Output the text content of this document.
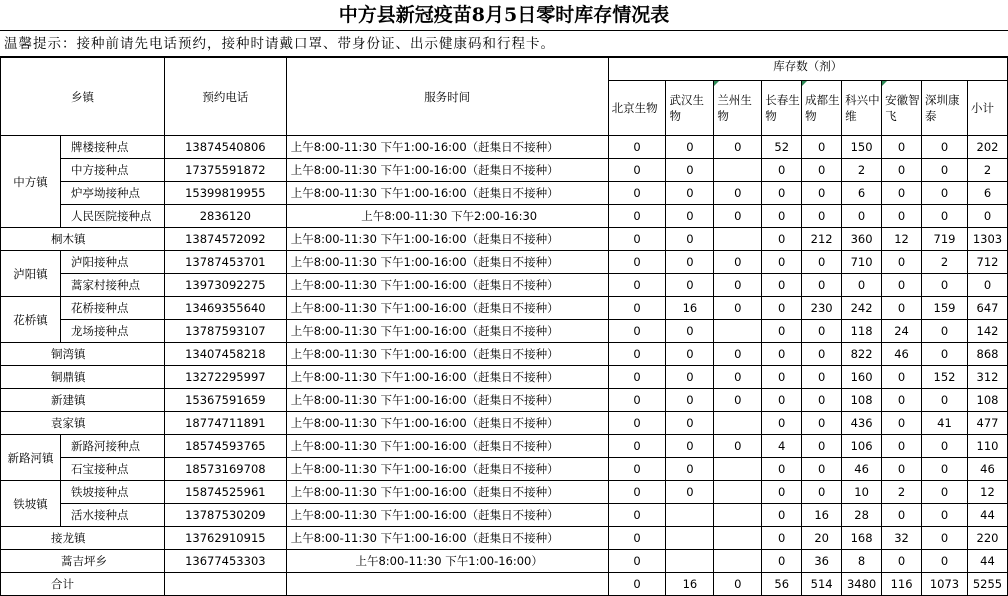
中方县新冠疫苗8月5日零时库存情况表
温馨提示：接种前请先电话预约，接种时请戴口罩、带身份证、出示健康码和行程卡。
乡镇		预约电话	服务时间	库存数（剂）								
				北京生物	武汉生物	兰州生物	长春生物	成都生物	科兴中维	安徽智飞	深圳康泰	小计
中方镇	牌楼接种点	13874540806	上午8:00-11:30 下午1:00-16:00（赶集日不接种）	0	0	0	52	0	150	0	0	202
	中方接种点	17375591872	上午8:00-11:30 下午1:00-16:00（赶集日不接种）	0	0		0	0	2	0	0	2
	炉亭坳接种点	15399819955	上午8:00-11:30 下午1:00-16:00（赶集日不接种）	0	0	0	0	0	6	0	0	6
	人民医院接种点	2836120	上午8:00-11:30 下午2:00-16:30	0	0	0	0	0	0	0	0	0
桐木镇		13874572092	上午8:00-11:30 下午1:00-16:00（赶集日不接种）	0	0		0	212	360	12	719	1303
泸阳镇	泸阳接种点	13787453701	上午8:00-11:30 下午1:00-16:00（赶集日不接种）	0	0	0	0	0	710	0	2	712
	蒿家村接种点	13973092275	上午8:00-11:30 下午1:00-16:00（赶集日不接种）	0	0	0	0	0	0	0	0	0
花桥镇	花桥接种点	13469355640	上午8:00-11:30 下午1:00-16:00（赶集日不接种）	0	16	0	0	230	242	0	159	647
	龙场接种点	13787593107	上午8:00-11:30 下午1:00-16:00（赶集日不接种）	0	0		0	0	118	24	0	142
铜湾镇		13407458218	上午8:00-11:30 下午1:00-16:00（赶集日不接种）	0	0	0	0	0	822	46	0	868
铜鼎镇		13272295997	上午8:00-11:30 下午1:00-16:00（赶集日不接种）	0	0	0	0	0	160	0	152	312
新建镇		15367591659	上午8:00-11:30 下午1:00-16:00（赶集日不接种）	0	0	0	0	0	108	0	0	108
袁家镇		18774711891	上午8:00-11:30 下午1:00-16:00（赶集日不接种）	0	0		0	0	436	0	41	477
新路河镇	新路河接种点	18574593765	上午8:00-11:30 下午1:00-16:00（赶集日不接种）	0	0	0	4	0	106	0	0	110
	石宝接种点	18573169708	上午8:00-11:30 下午1:00-16:00（赶集日不接种）	0	0		0	0	46	0	0	46
铁坡镇	铁坡接种点	15874525961	上午8:00-11:30 下午1:00-16:00（赶集日不接种）	0	0		0	0	10	2	0	12
	活水接种点	13787530209	上午8:00-11:30 下午1:00-16:00（赶集日不接种）	0			0	16	28	0	0	44
接龙镇		13762910915	上午8:00-11:30 下午1:00-16:00（赶集日不接种）	0			0	20	168	32	0	220
蒿吉坪乡		13677453303	上午8:00-11:30 下午1:00-16:00）	0			0	36	8	0	0	44
合计				0	16	0	56	514	3480	116	1073	5255
